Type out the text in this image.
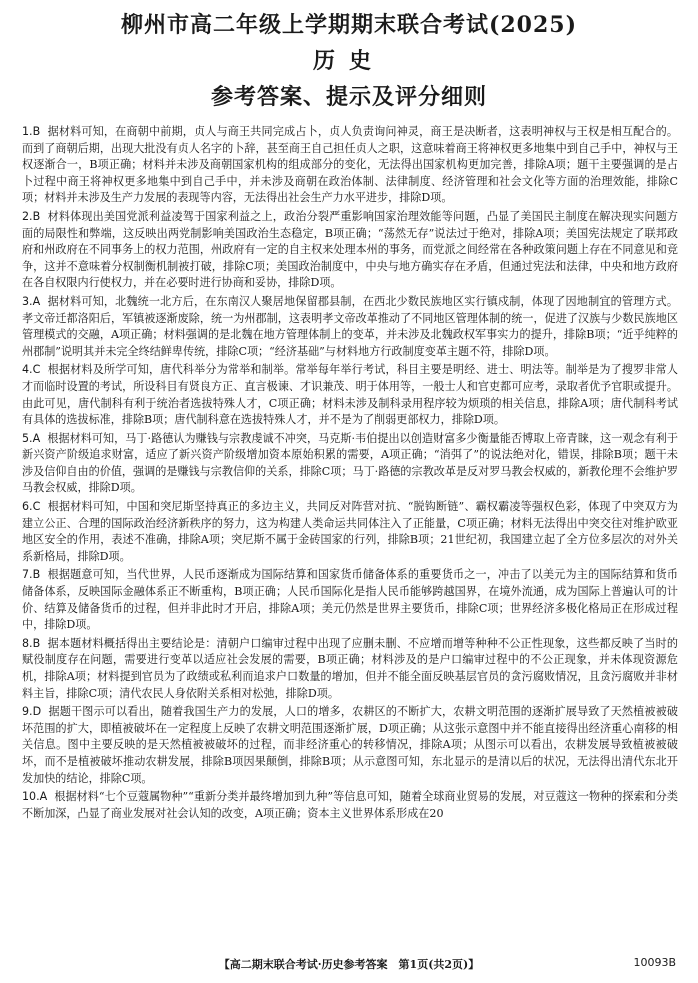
柳州市高二年级上学期期末联合考试(2025)
历史
参考答案、提示及评分细则

1.B 据材料可知，在商朝中前期，贞人与商王共同完成占卜，贞人负责询问神灵，商王是决断者，这表明神权与王权是相互配合的。而到了商朝后期，出现大批没有贞人名字的卜辞，甚至商王自己担任贞人之职，这意味着商王将神权更多地集中到自己手中，神权与王权逐渐合一，B项正确；材料并未涉及商朝国家机构的组成部分的变化，无法得出国家机构更加完善，排除A项；题干主要强调的是占卜过程中商王将神权更多地集中到自己手中，并未涉及商朝在政治体制、法律制度、经济管理和社会文化等方面的治理效能，排除C项；材料并未涉及生产力发展的表现等内容，无法得出社会生产力水平进步，排除D项。

2.B 材料体现出美国党派利益凌驾于国家利益之上，政治分裂严重影响国家治理效能等问题，凸显了美国民主制度在解决现实问题方面的局限性和弊端，这反映出两党制影响美国政治生态稳定，B项正确；“荡然无存”说法过于绝对，排除A项；美国宪法规定了联邦政府和州政府在不同事务上的权力范围，州政府有一定的自主权来处理本州的事务，而党派之间经常在各种政策问题上存在不同意见和竞争，这并不意味着分权制衡机制被打破，排除C项；美国政治制度中，中央与地方确实存在矛盾，但通过宪法和法律，中央和地方政府在各自权限内行使权力，并在必要时进行协商和妥协，排除D项。

3.A 据材料可知，北魏统一北方后，在东南汉人聚居地保留郡县制，在西北少数民族地区实行镇戍制，体现了因地制宜的管理方式。孝文帝迁都洛阳后，军镇被逐渐废除，统一为州郡制，这表明孝文帝改革推动了不同地区管理体制的统一，促进了汉族与少数民族地区管理模式的交融，A项正确；材料强调的是北魏在地方管理体制上的变革，并未涉及北魏政权军事实力的提升，排除B项；“近乎纯粹的州郡制”说明其并未完全终结鲜卑传统，排除C项；“经济基础”与材料地方行政制度变革主题不符，排除D项。

4.C 根据材料及所学可知，唐代科举分为常举和制举。常举每年举行考试，科目主要是明经、进士、明法等。制举是为了搜罗非常人才而临时设置的考试，所设科目有贤良方正、直言极谏、才识兼茂、明于体用等，一般士人和官吏都可应考，录取者优予官职或提升。由此可见，唐代制科有利于统治者选拔特殊人才，C项正确；材料未涉及制科录用程序较为烦琐的相关信息，排除A项；唐代制科考试有具体的选拔标准，排除B项；唐代制科意在选拔特殊人才，并不是为了削弱更部权力，排除D项。

5.A 根据材料可知，马丁·路德认为赚钱与宗教虔诚不冲突，马克斯·韦伯提出以创造财富多少衡量能否博取上帝青睐，这一观念有利于新兴资产阶级追求财富，适应了新兴资产阶级增加资本原始积累的需要，A项正确；“消弭了”的说法绝对化，错误，排除B项；题干未涉及信仰自由的价值，强调的是赚钱与宗教信仰的关系，排除C项；马丁·路德的宗教改革是反对罗马教会权威的，新教伦理不会维护罗马教会权威，排除D项。

6.C 根据材料可知，中国和突尼斯坚持真正的多边主义，共同反对阵营对抗、“脱钩断链”、霸权霸凌等强权色彩，体现了中突双方为建立公正、合理的国际政治经济新秩序的努力，这为构建人类命运共同体注入了正能量，C项正确；材料无法得出中突交往对维护欧亚地区安全的作用，表述不准确，排除A项；突尼斯不属于金砖国家的行列，排除B项；21世纪初，我国建立起了全方位多层次的对外关系新格局，排除D项。

7.B 根据题意可知，当代世界，人民币逐渐成为国际结算和国家货币储备体系的重要货币之一，冲击了以美元为主的国际结算和货币储备体系，反映国际金融体系正不断重构，B项正确；人民币国际化是指人民币能够跨越国界，在境外流通，成为国际上普遍认可的计价、结算及储备货币的过程，但并非此时才开启，排除A项；美元仍然是世界主要货币，排除C项；世界经济多极化格局正在形成过程中，排除D项。

8.B 据本题材料概括得出主要结论是：清朝户口编审过程中出现了应删未删、不应增而增等种种不公正性现象，这些都反映了当时的赋役制度存在问题，需要进行变革以适应社会发展的需要，B项正确；材料涉及的是户口编审过程中的不公正现象，并未体现资源危机，排除A项；材料提到官员为了政绩或私利而追求户口数量的增加，但并不能全面反映基层官员的贪污腐败情况，且贪污腐败并非材料主旨，排除C项；清代农民人身依附关系相对松弛，排除D项。

9.D 据题干图示可以看出，随着我国生产力的发展，人口的增多，农耕区的不断扩大，农耕文明范围的逐渐扩展导致了天然植被被破坏范围的扩大，即植被破坏在一定程度上反映了农耕文明范围逐渐扩展，D项正确；从这张示意图中并不能直接得出经济重心南移的相关信息。图中主要反映的是天然植被被破坏的过程，而非经济重心的转移情况，排除A项；从图示可以看出，农耕发展导致植被被破坏，而不是植被破坏推动农耕发展，排除B项因果颠倒，排除B项；从示意图可知，东北显示的是清以后的状况，无法得出清代东北开发加快的结论，排除C项。

10.A 根据材料“七个豆蔻属物种”“重新分类并最终增加到九种”等信息可知，随着全球商业贸易的发展，对豆蔻这一物种的探索和分类不断加深，凸显了商业发展对社会认知的改变，A项正确；资本主义世界体系形成在20

【高二期末联合考试·历史参考答案　第1页(共2页)】	10093B
